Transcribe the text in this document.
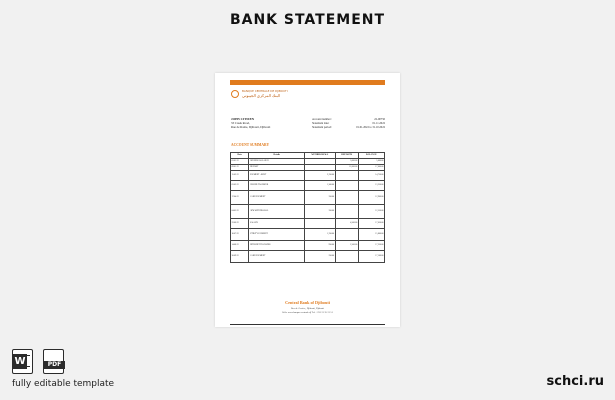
BANK STATEMENT
BANQUE CENTRALE DE DJIBOUTI
البنك المركزي الجيبوتي
JOHN CITIZEN
33 Creek Road,
Rue de Rome, Djibouti, Djibouti
Account number:	22-00750
Statement date:	01.11.2022
Statement period:	01.01.2022 to 31.10.2022
ACCOUNT SUMMARY
Date	Details	WITHDRAWALS	DEPOSITS	BALANCE
03.01.22	OPENING BALANCE		5,000.00	5,000.00
09.01.22	DEPOSIT		12,000.00	17,000.00
15.02.22	PAYMENT - RENT	2,250.00		14,750.00
03.03.22	ONLINE TRANSFER	1,500.00		13,250.00
17.04.22	CARD PAYMENT	350.00		12,900.00
04.05.22	ATM WITHDRAWAL	350.00		12,550.00
22.06.22	SALARY		4,500.00	17,050.00
10.07.22	UTILITY PAYMENT	1,250.00		15,800.00
14.08.22	INTERNET TRANSFER	950.00	2,500.00	17,350.00
30.09.22	CARD PAYMENT	250.00		17,100.00
Central Bank of Djibouti
Rue de Genève, Djibouti, Djibouti
Web: www.banque-centrale.dj Tel: +253 21 35 21 51
W	PDF
fully editable template	schci.ru
